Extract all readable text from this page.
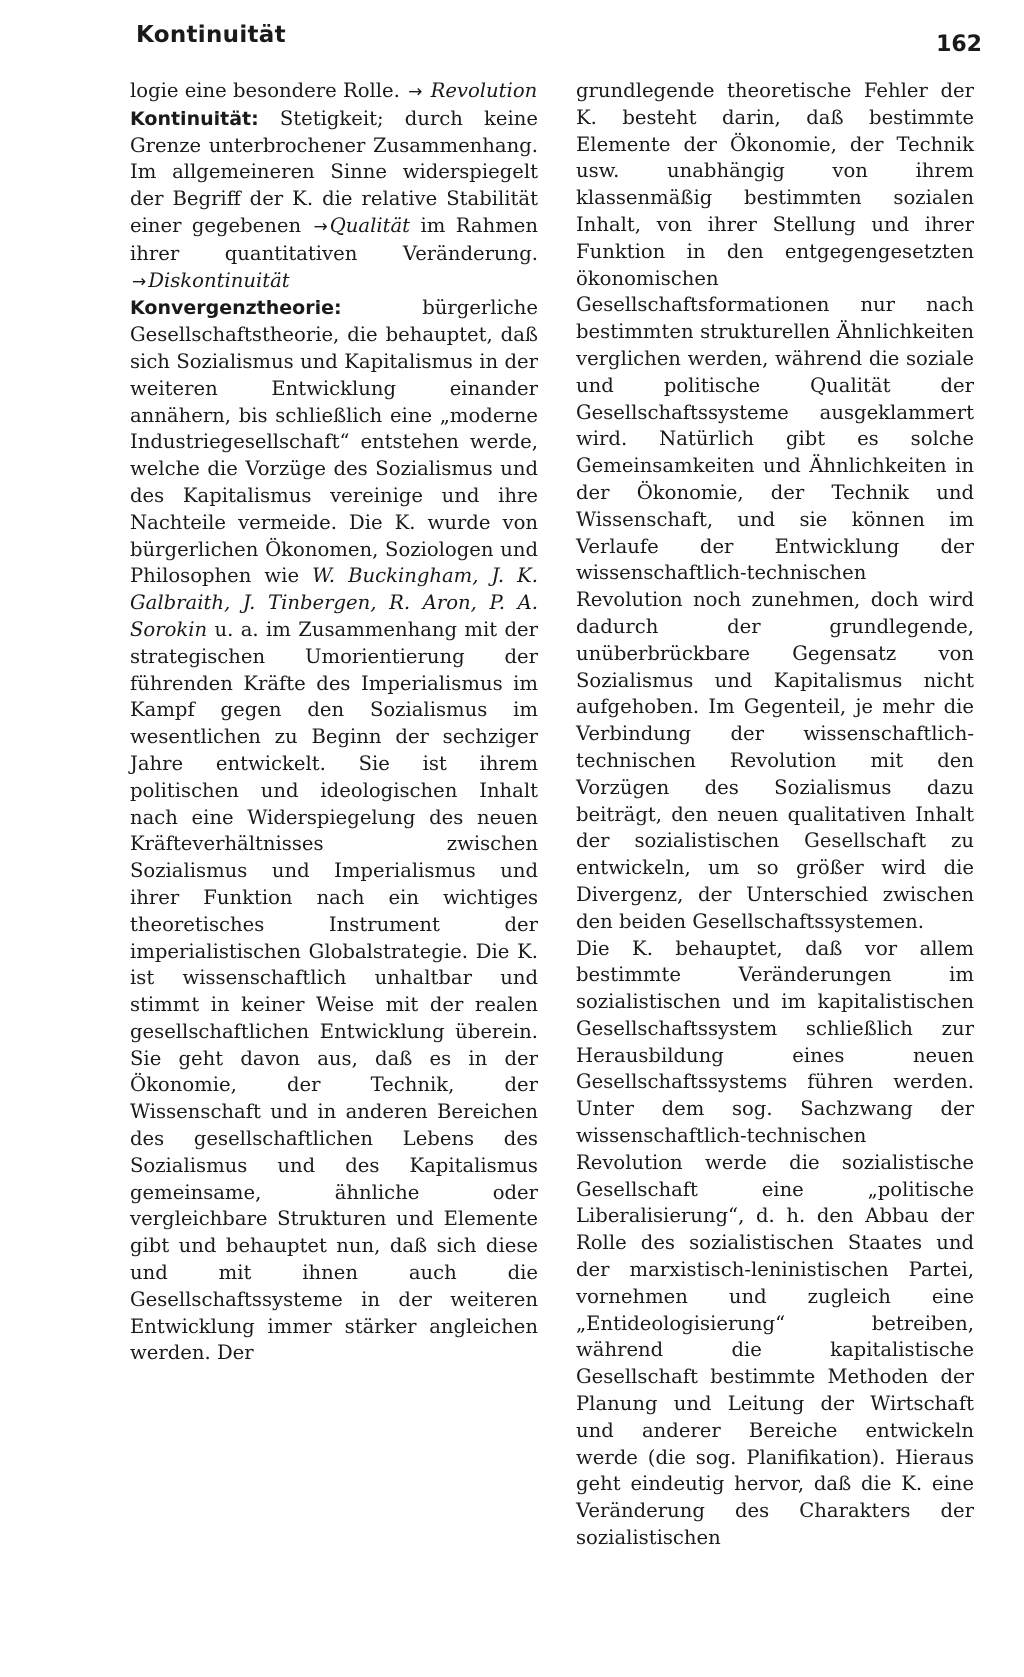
Kontinuität	162

logie eine besondere Rolle. → Revolution

Kontinuität: Stetigkeit; durch keine Grenze unterbrochener Zusammenhang. Im allgemeineren Sinne widerspiegelt der Begriff der K. die relative Stabilität einer gegebenen → Qualität im Rahmen ihrer quantitativen Veränderung. → Diskontinuität

Konvergenztheorie: bürgerliche Gesellschaftstheorie, die behauptet, daß sich Sozialismus und Kapitalismus in der weiteren Entwicklung einander annähern, bis schließlich eine „moderne Industriegesellschaft“ entstehen werde, welche die Vorzüge des Sozialismus und des Kapitalismus vereinige und ihre Nachteile vermeide. Die K. wurde von bürgerlichen Ökonomen, Soziologen und Philosophen wie W. Buckingham, J. K. Galbraith, J. Tinbergen, R. Aron, P. A. Sorokin u. a. im Zusammenhang mit der strategischen Umorientierung der führenden Kräfte des Imperialismus im Kampf gegen den Sozialismus im wesentlichen zu Beginn der sechziger Jahre entwickelt. Sie ist ihrem politischen und ideologischen Inhalt nach eine Widerspiegelung des neuen Kräfteverhältnisses zwischen Sozialismus und Imperialismus und ihrer Funktion nach ein wichtiges theoretisches Instrument der imperialistischen Globalstrategie. Die K. ist wissenschaftlich unhaltbar und stimmt in keiner Weise mit der realen gesellschaftlichen Entwicklung überein. Sie geht davon aus, daß es in der Ökonomie, der Technik, der Wissenschaft und in anderen Bereichen des gesellschaftlichen Lebens des Sozialismus und des Kapitalismus gemeinsame, ähnliche oder vergleichbare Strukturen und Elemente gibt und behauptet nun, daß sich diese und mit ihnen auch die Gesellschaftssysteme in der weiteren Entwicklung immer stärker angleichen werden. Der

grundlegende theoretische Fehler der K. besteht darin, daß bestimmte Elemente der Ökonomie, der Technik usw. unabhängig von ihrem klassenmäßig bestimmten sozialen Inhalt, von ihrer Stellung und ihrer Funktion in den entgegengesetzten ökonomischen Gesellschaftsformationen nur nach bestimmten strukturellen Ähnlichkeiten verglichen werden, während die soziale und politische Qualität der Gesellschaftssysteme ausgeklammert wird. Natürlich gibt es solche Gemeinsamkeiten und Ähnlichkeiten in der Ökonomie, der Technik und Wissenschaft, und sie können im Verlaufe der Entwicklung der wissenschaftlich-technischen Revolution noch zunehmen, doch wird dadurch der grundlegende, unüberbrückbare Gegensatz von Sozialismus und Kapitalismus nicht aufgehoben. Im Gegenteil, je mehr die Verbindung der wissenschaftlich-technischen Revolution mit den Vorzügen des Sozialismus dazu beiträgt, den neuen qualitativen Inhalt der sozialistischen Gesellschaft zu entwickeln, um so größer wird die Divergenz, der Unterschied zwischen den beiden Gesellschaftssystemen.

Die K. behauptet, daß vor allem bestimmte Veränderungen im sozialistischen und im kapitalistischen Gesellschaftssystem schließlich zur Herausbildung eines neuen Gesellschaftssystems führen werden. Unter dem sog. Sachzwang der wissenschaftlich-technischen Revolution werde die sozialistische Gesellschaft eine „politische Liberalisierung“, d. h. den Abbau der Rolle des sozialistischen Staates und der marxistisch-leninistischen Partei, vornehmen und zugleich eine „Entideologisierung“ betreiben, während die kapitalistische Gesellschaft bestimmte Methoden der Planung und Leitung der Wirtschaft und anderer Bereiche entwickeln werde (die sog. Planifikation). Hieraus geht eindeutig hervor, daß die K. eine Veränderung des Charakters der sozialistischen
